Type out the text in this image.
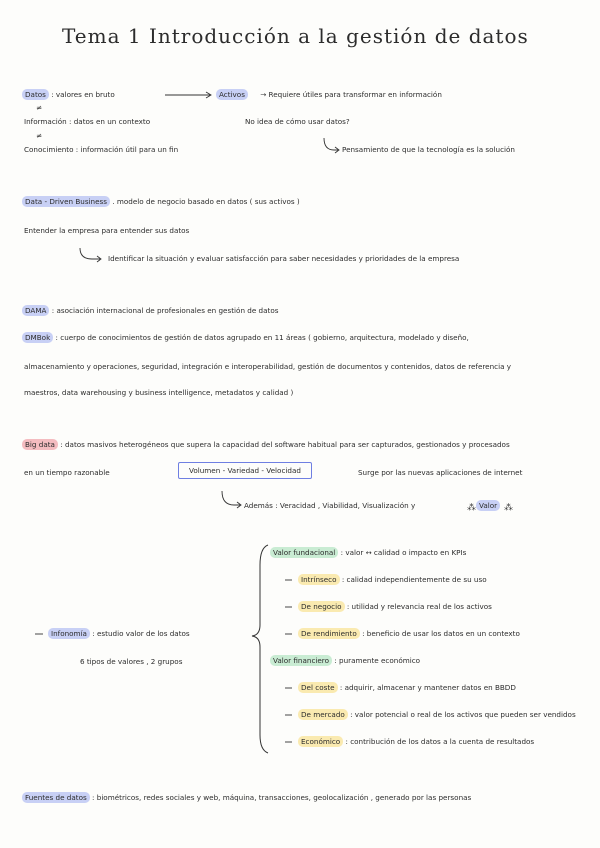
Tema 1 Introducción a la gestión de datos
⁂	⁂
Datos : valores en bruto	Activos → Requiere útiles para transformar en información
≠
Información : datos en un contexto
≠
Conocimiento : información útil para un fin
No idea de cómo usar datos?
Pensamiento de que la tecnología es la solución
Data - Driven Business . modelo de negocio basado en datos ( sus activos )
Entender la empresa para entender sus datos
Identificar la situación y evaluar satisfacción para saber necesidades y prioridades de la empresa
DAMA : asociación internacional de profesionales en gestión de datos
DMBok : cuerpo de conocimientos de gestión de datos agrupado en 11 áreas ( gobierno, arquitectura, modelado y diseño,
almacenamiento y operaciones, seguridad, integración e interoperabilidad, gestión de documentos y contenidos, datos de referencia y
maestros, data warehousing y business intelligence, metadatos y calidad )
Big data : datos masivos heterogéneos que supera la capacidad del software habitual para ser capturados, gestionados y procesados
en un tiempo razonable	Volumen - Variedad - Velocidad	Surge por las nuevas aplicaciones de internet
Además : Veracidad , Viabilidad, Visualización y	Valor
Infonomía : estudio valor de los datos
6 tipos de valores , 2 grupos
Valor fundacional : valor ↔ calidad o impacto en KPIs
Intrínseco : calidad independientemente de su uso
De negocio : utilidad y relevancia real de los activos
De rendimiento : beneficio de usar los datos en un contexto
Valor financiero : puramente económico
Del coste : adquirir, almacenar y mantener datos en BBDD
De mercado : valor potencial o real de los activos que pueden ser vendidos
Económico : contribución de los datos a la cuenta de resultados
Fuentes de datos : biométricos, redes sociales y web, máquina, transacciones, geolocalización , generado por las personas
